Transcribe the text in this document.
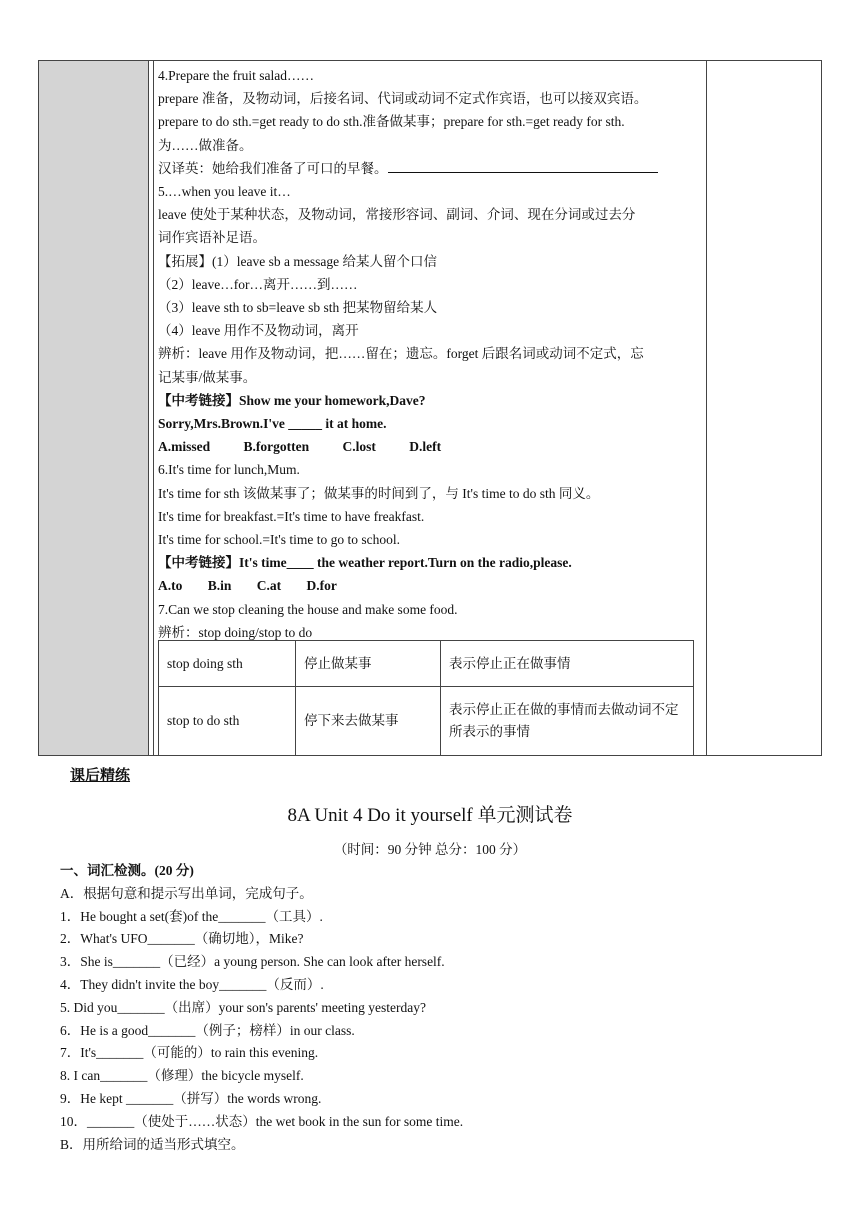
4.Prepare the fruit salad……

prepare 准备，及物动词，后接名词、代词或动词不定式作宾语，也可以接双宾语。

prepare to do sth.=get ready to do sth.准备做某事；prepare for sth.=get ready for sth.

为……做准备。

汉译英：她给我们准备了可口的早餐。

5.…when you leave it…

leave 使处于某种状态，及物动词，常接形容词、副词、介词、现在分词或过去分

词作宾语补足语。

【拓展】(1）leave sb a message 给某人留个口信

（2）leave…for…离开……到……

（3）leave sth to sb=leave sb sth 把某物留给某人

（4）leave 用作不及物动词，离开

辨析：leave 用作及物动词，把……留在；遗忘。forget 后跟名词或动词不定式，忘

记某事/做某事。

【中考链接】Show me your homework,Dave?

Sorry,Mrs.Brown.I've _____ it at home.

A.missed B.forgotten C.lost D.left

6.It's time for lunch,Mum.

It's time for sth 该做某事了；做某事的时间到了，与 It's time to do sth 同义。

It's time for breakfast.=It's time to have freakfast.

It's time for school.=It's time to go to school.

【中考链接】It's time____ the weather report.Turn on the radio,please.

A.to B.in C.at D.for

7.Can we stop cleaning the house and make some food.

辨析：stop doing/stop to do

stop doing sth	停止做某事	表示停止正在做事情
stop to do sth	停下来去做某事	表示停止正在做的事情而去做动词不定所表示的事情
课后精练
8A Unit 4 Do it yourself 单元测试卷
（时间：90 分钟 总分：100 分）

一、词汇检测。(20 分)

A．根据句意和提示写出单词，完成句子。

1．He bought a set(套)of the_______（工具）.

2．What's UFO_______（确切地），Mike?

3．She is_______（已经）a young person. She can look after herself.

4．They didn't invite the boy_______（反而）.

5. Did you_______（出席）your son's parents' meeting yesterday?

6．He is a good_______（例子；榜样）in our class.

7．It's_______（可能的）to rain this evening.

8. I can_______（修理）the bicycle myself.

9．He kept _______（拼写）the words wrong.

10．_______（使处于……状态）the wet book in the sun for some time.

B．用所给词的适当形式填空。
